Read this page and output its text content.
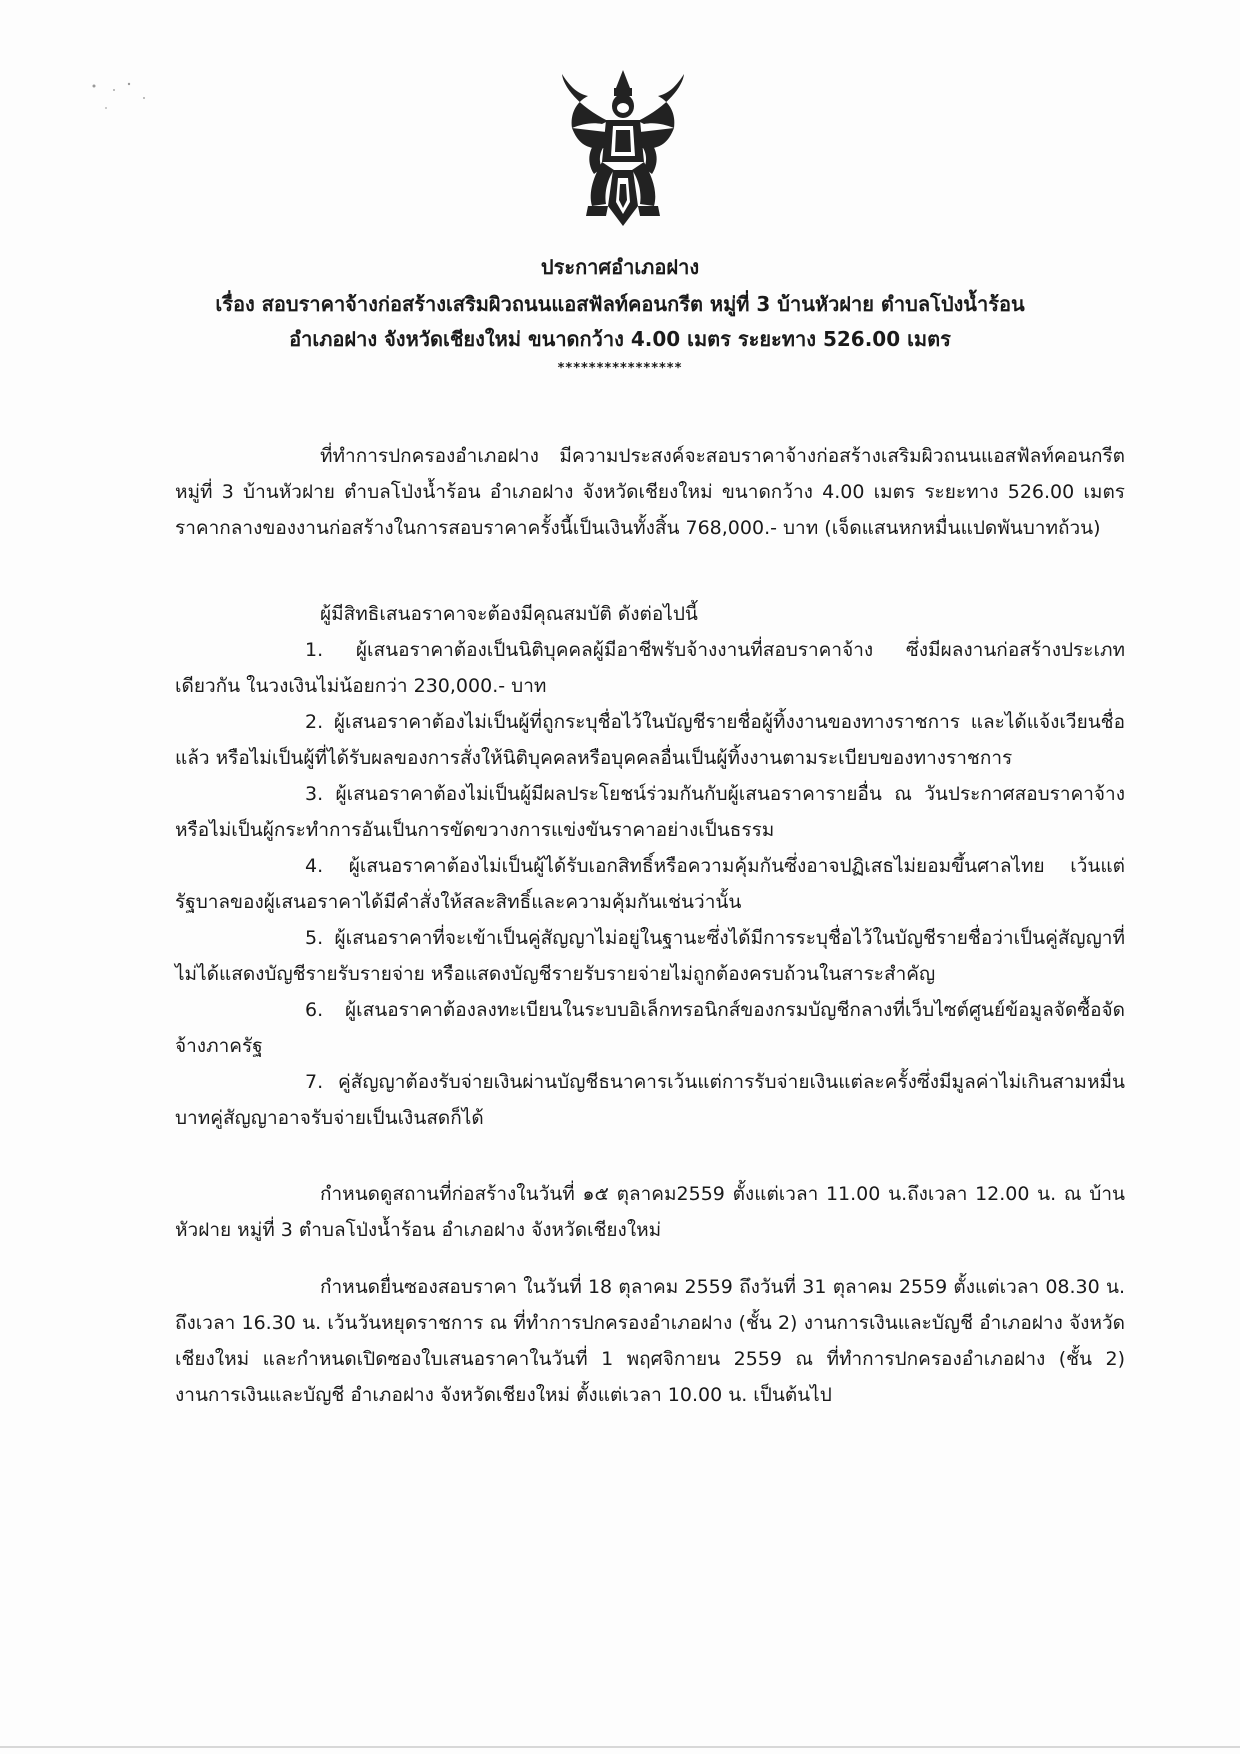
ประกาศอำเภอฝาง
เรื่อง สอบราคาจ้างก่อสร้างเสริมผิวถนนแอสฟัลท์คอนกรีต หมู่ที่ 3 บ้านหัวฝาย ตำบลโป่งน้ำร้อน
อำเภอฝาง จังหวัดเชียงใหม่ ขนาดกว้าง 4.00 เมตร ระยะทาง 526.00 เมตร
****************

ที่ทำการปกครองอำเภอฝาง มีความประสงค์จะสอบราคาจ้างก่อสร้างเสริมผิวถนนแอสฟัลท์คอนกรีต หมู่ที่ 3 บ้านหัวฝาย ตำบลโป่งน้ำร้อน อำเภอฝาง จังหวัดเชียงใหม่ ขนาดกว้าง 4.00 เมตร ระยะทาง 526.00 เมตร ราคากลางของงานก่อสร้างในการสอบราคาครั้งนี้เป็นเงินทั้งสิ้น 768,000.- บาท (เจ็ดแสนหกหมื่นแปดพันบาทถ้วน)

ผู้มีสิทธิเสนอราคาจะต้องมีคุณสมบัติ ดังต่อไปนี้

1. ผู้เสนอราคาต้องเป็นนิติบุคคลผู้มีอาชีพรับจ้างงานที่สอบราคาจ้าง ซึ่งมีผลงานก่อสร้างประเภทเดียวกัน ในวงเงินไม่น้อยกว่า 230,000.- บาท

2. ผู้เสนอราคาต้องไม่เป็นผู้ที่ถูกระบุชื่อไว้ในบัญชีรายชื่อผู้ทิ้งงานของทางราชการ และได้แจ้งเวียนชื่อแล้ว หรือไม่เป็นผู้ที่ได้รับผลของการสั่งให้นิติบุคคลหรือบุคคลอื่นเป็นผู้ทิ้งงานตามระเบียบของทางราชการ

3. ผู้เสนอราคาต้องไม่เป็นผู้มีผลประโยชน์ร่วมกันกับผู้เสนอราคารายอื่น ณ วันประกาศสอบราคาจ้าง หรือไม่เป็นผู้กระทำการอันเป็นการขัดขวางการแข่งขันราคาอย่างเป็นธรรม

4. ผู้เสนอราคาต้องไม่เป็นผู้ได้รับเอกสิทธิ์หรือความคุ้มกันซึ่งอาจปฏิเสธไม่ยอมขึ้นศาลไทย เว้นแต่รัฐบาลของผู้เสนอราคาได้มีคำสั่งให้สละสิทธิ์และความคุ้มกันเช่นว่านั้น

5. ผู้เสนอราคาที่จะเข้าเป็นคู่สัญญาไม่อยู่ในฐานะซึ่งได้มีการระบุชื่อไว้ในบัญชีรายชื่อว่าเป็นคู่สัญญาที่ไม่ได้แสดงบัญชีรายรับรายจ่าย หรือแสดงบัญชีรายรับรายจ่ายไม่ถูกต้องครบถ้วนในสาระสำคัญ

6. ผู้เสนอราคาต้องลงทะเบียนในระบบอิเล็กทรอนิกส์ของกรมบัญชีกลางที่เว็บไซต์ศูนย์ข้อมูลจัดซื้อจัดจ้างภาครัฐ

7. คู่สัญญาต้องรับจ่ายเงินผ่านบัญชีธนาคารเว้นแต่การรับจ่ายเงินแต่ละครั้งซึ่งมีมูลค่าไม่เกินสามหมื่นบาทคู่สัญญาอาจรับจ่ายเป็นเงินสดก็ได้

กำหนดดูสถานที่ก่อสร้างในวันที่ ๑๕ ตุลาคม2559 ตั้งแต่เวลา 11.00 น.ถึงเวลา 12.00 น. ณ บ้านหัวฝาย หมู่ที่ 3 ตำบลโป่งน้ำร้อน อำเภอฝาง จังหวัดเชียงใหม่

กำหนดยื่นซองสอบราคา ในวันที่ 18 ตุลาคม 2559 ถึงวันที่ 31 ตุลาคม 2559 ตั้งแต่เวลา 08.30 น. ถึงเวลา 16.30 น. เว้นวันหยุดราชการ ณ ที่ทำการปกครองอำเภอฝาง (ชั้น 2) งานการเงินและบัญชี อำเภอฝาง จังหวัดเชียงใหม่ และกำหนดเปิดซองใบเสนอราคาในวันที่ 1 พฤศจิกายน 2559 ณ ที่ทำการปกครองอำเภอฝาง (ชั้น 2) งานการเงินและบัญชี อำเภอฝาง จังหวัดเชียงใหม่ ตั้งแต่เวลา 10.00 น. เป็นต้นไป
